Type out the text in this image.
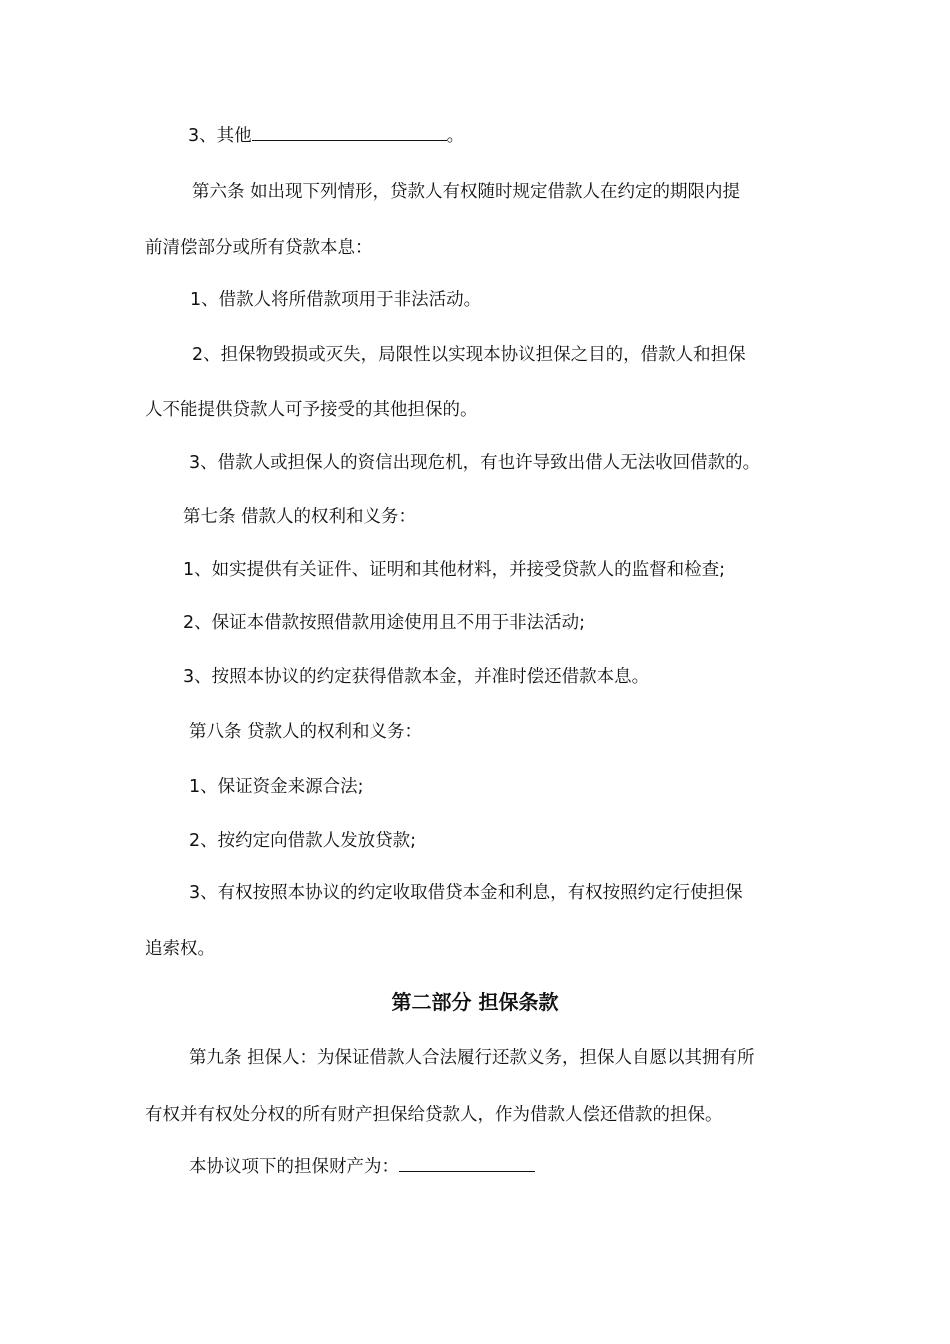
3、其他	。
第六条 如出现下列情形，贷款人有权随时规定借款人在约定的期限内提
前清偿部分或所有贷款本息：
1、借款人将所借款项用于非法活动。
2、担保物毁损或灭失，局限性以实现本协议担保之目的，借款人和担保
人不能提供贷款人可予接受的其他担保的。
3、借款人或担保人的资信出现危机，有也许导致出借人无法收回借款的。
第七条 借款人的权利和义务：
1、如实提供有关证件、证明和其他材料，并接受贷款人的监督和检查;
2、保证本借款按照借款用途使用且不用于非法活动;
3、按照本协议的约定获得借款本金，并准时偿还借款本息。
第八条 贷款人的权利和义务：
1、保证资金来源合法;
2、按约定向借款人发放贷款;
3、有权按照本协议的约定收取借贷本金和利息，有权按照约定行使担保
追索权。
第二部分 担保条款
第九条 担保人：为保证借款人合法履行还款义务，担保人自愿以其拥有所
有权并有权处分权的所有财产担保给贷款人，作为借款人偿还借款的担保。
本协议项下的担保财产为：
